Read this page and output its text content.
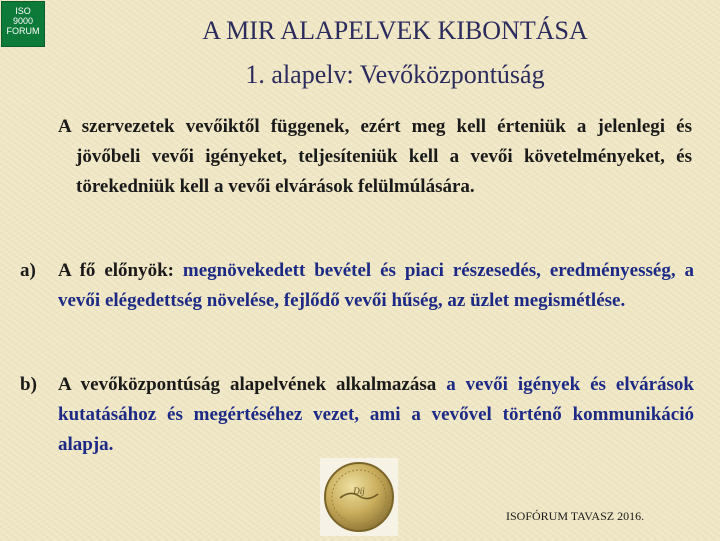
ISO
9000
FORUM	A MIR ALAPELVEK KIBONTÁSA
1. alapelv: Vevőközpontúság
A szervezetek vevőiktől függenek, ezért meg kell érteniük a jelenlegi és jövőbeli vevői igényeket, teljesíteniük kell a vevői követelményeket, és törekedniük kell a vevői elvárások felülmúlására.
a) A fő előnyök: megnövekedett bevétel és piaci részesedés, eredményesség, a vevői elégedettség növelése, fejlődő vevői hűség, az üzlet megismétlése.
b) A vevőközpontúság alapelvének alkalmazása a vevői igények és elvárások kutatásához és megértéséhez vezet, ami a vevővel történő kommunikáció alapja.
Díj
ISOFÓRUM TAVASZ 2016.
